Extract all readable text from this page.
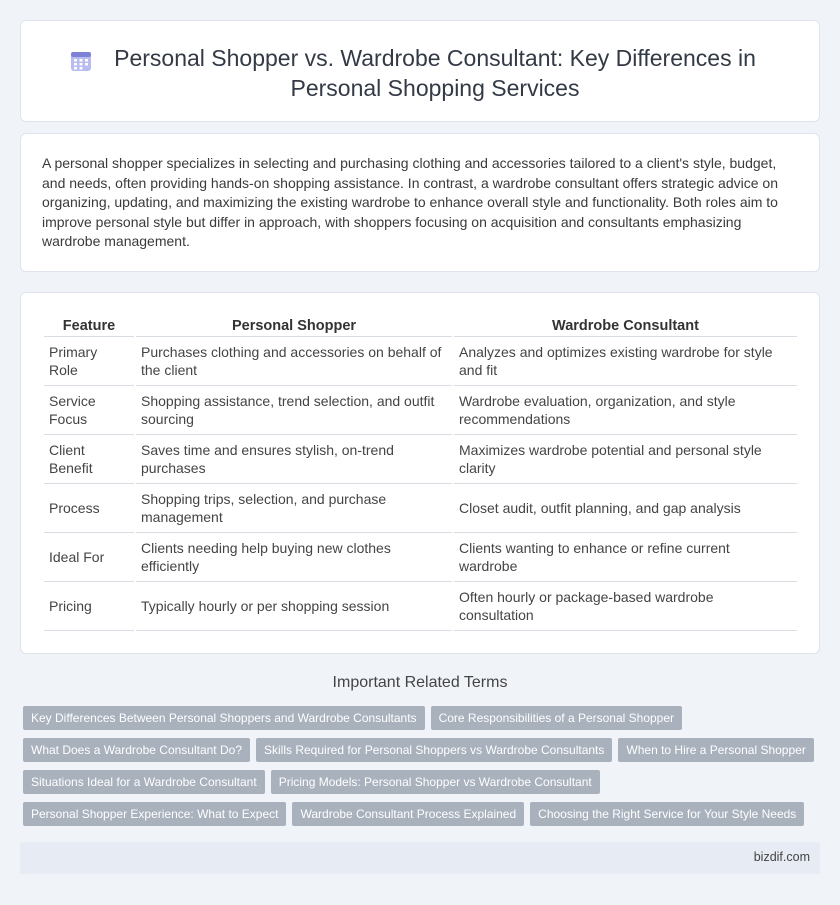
Personal Shopper vs. Wardrobe Consultant: Key Differences in Personal Shopping Services

A personal shopper specializes in selecting and purchasing clothing and accessories tailored to a client's style, budget, and needs, often providing hands-on shopping assistance. In contrast, a wardrobe consultant offers strategic advice on organizing, updating, and maximizing the existing wardrobe to enhance overall style and functionality. Both roles aim to improve personal style but differ in approach, with shoppers focusing on acquisition and consultants emphasizing wardrobe management.

Feature	Personal Shopper	Wardrobe Consultant
Primary Role	Purchases clothing and accessories on behalf of the client	Analyzes and optimizes existing wardrobe for style and fit
Service Focus	Shopping assistance, trend selection, and outfit sourcing	Wardrobe evaluation, organization, and style recommendations
Client Benefit	Saves time and ensures stylish, on-trend purchases	Maximizes wardrobe potential and personal style clarity
Process	Shopping trips, selection, and purchase management	Closet audit, outfit planning, and gap analysis
Ideal For	Clients needing help buying new clothes efficiently	Clients wanting to enhance or refine current wardrobe
Pricing	Typically hourly or per shopping session	Often hourly or package-based wardrobe consultation
Important Related Terms
Key Differences Between Personal Shoppers and Wardrobe Consultants Core Responsibilities of a Personal Shopper
What Does a Wardrobe Consultant Do? Skills Required for Personal Shoppers vs Wardrobe Consultants When to Hire a Personal Shopper
Situations Ideal for a Wardrobe Consultant Pricing Models: Personal Shopper vs Wardrobe Consultant
Personal Shopper Experience: What to Expect Wardrobe Consultant Process Explained Choosing the Right Service for Your Style Needs
bizdif.com
